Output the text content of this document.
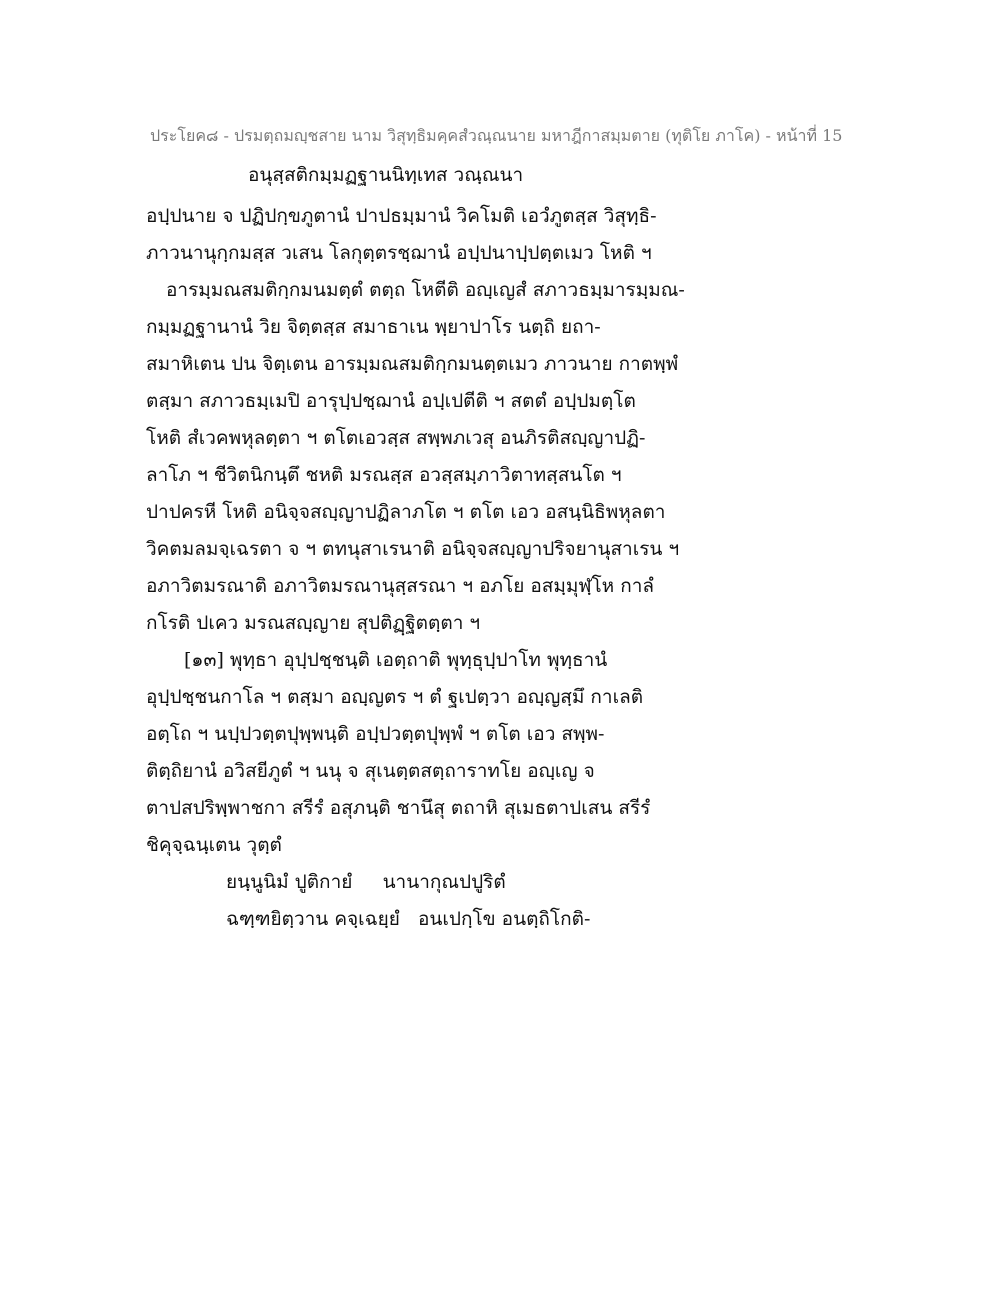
ประโยค๘ - ปรมตฺถมญฺชสาย นาม วิสุทฺธิมคฺคสํวณฺณนาย มหาฎีกาสมฺมตาย (ทุติโย ภาโค) - หน้าที่ 15
อนุสฺสติกมฺมฏฐานนิทฺเทส วณฺณนา
อปฺปนาย จ ปฏิปกฺขภูตานํ ปาปธมฺมานํ วิคโมติ เอวํภูตสฺส วิสุทฺธิ-
ภาวนานุกฺกมสฺส วเสน โลกุตฺตรชฺฌานํ อปฺปนาปฺปตฺตเมว โหติ ฯ
อารมฺมณสมติกฺกมนมตฺตํ ตตฺถ โหตีติ อญฺเญสํ สภาวธมฺมารมฺมณ-
กมฺมฏฐานานํ วิย จิตฺตสฺส สมาธาเน พฺยาปาโร นตฺถิ ยถา-
สมาหิเตน ปน จิตฺเตน อารมฺมณสมติกฺกมนตฺตเมว ภาวนาย กาตพฺพํ
ตสฺมา สภาวธมฺเมปิ อารุปฺปชฺฌานํ อปฺเปตีติ ฯ สตตํ อปฺปมตฺโต
โหติ สํเวคพหุลตฺตา ฯ ตโตเอวสฺส สพฺพภเวสุ อนภิรติสญฺญาปฏิ-
ลาโภ ฯ ชีวิตนิกนฺตึ ชหติ มรณสฺส อวสฺสมฺภาวิตาทสฺสนโต ฯ
ปาปครหี โหติ อนิจฺจสญฺญาปฏิลาภโต ฯ ตโต เอว อสนฺนิธิพหุลตา
วิคตมลมจฺเฉรตา จ ฯ ตทนุสาเรนาติ อนิจฺจสญฺญาปริจยานุสาเรน ฯ
อภาวิตมรณาติ อภาวิตมรณานุสฺสรณา ฯ อภโย อสมฺมุฬฺโห กาลํ
กโรติ ปเคว มรณสญฺญาย สุปติฏฺฐิตตฺตา ฯ
[๑๓] พุทฺธา อุปฺปชฺชนฺติ เอตฺถาติ พุทฺธุปฺปาโท พุทฺธานํ
อุปฺปชฺชนกาโล ฯ ตสฺมา อญฺญตร ฯ ตํ ฐเปตฺวา อญฺญสฺมึ กาเลติ
อตฺโถ ฯ นปฺปวตฺตปุพฺพนฺติ อปฺปวตฺตปุพฺพํ ฯ ตโต เอว สพฺพ-
ติตฺถิยานํ อวิสยีภูตํ ฯ นนุ จ สุเนตฺตสตฺถาราทโย อญฺเญ จ
ตาปสปริพฺพาชกา สรีรํ อสุภนฺติ ชานึสุ ตถาหิ สุเมธตาปเสน สรีรํ
ชิคุจฺฉนฺเตน วุตฺตํ
ยนฺนูนิมํ ปูติกายํ     นานากุณปปูริตํ
ฉฑฺฑยิตฺวาน คจฺเฉยฺยํ   อนเปกฺโข อนตฺถิโกติ-
